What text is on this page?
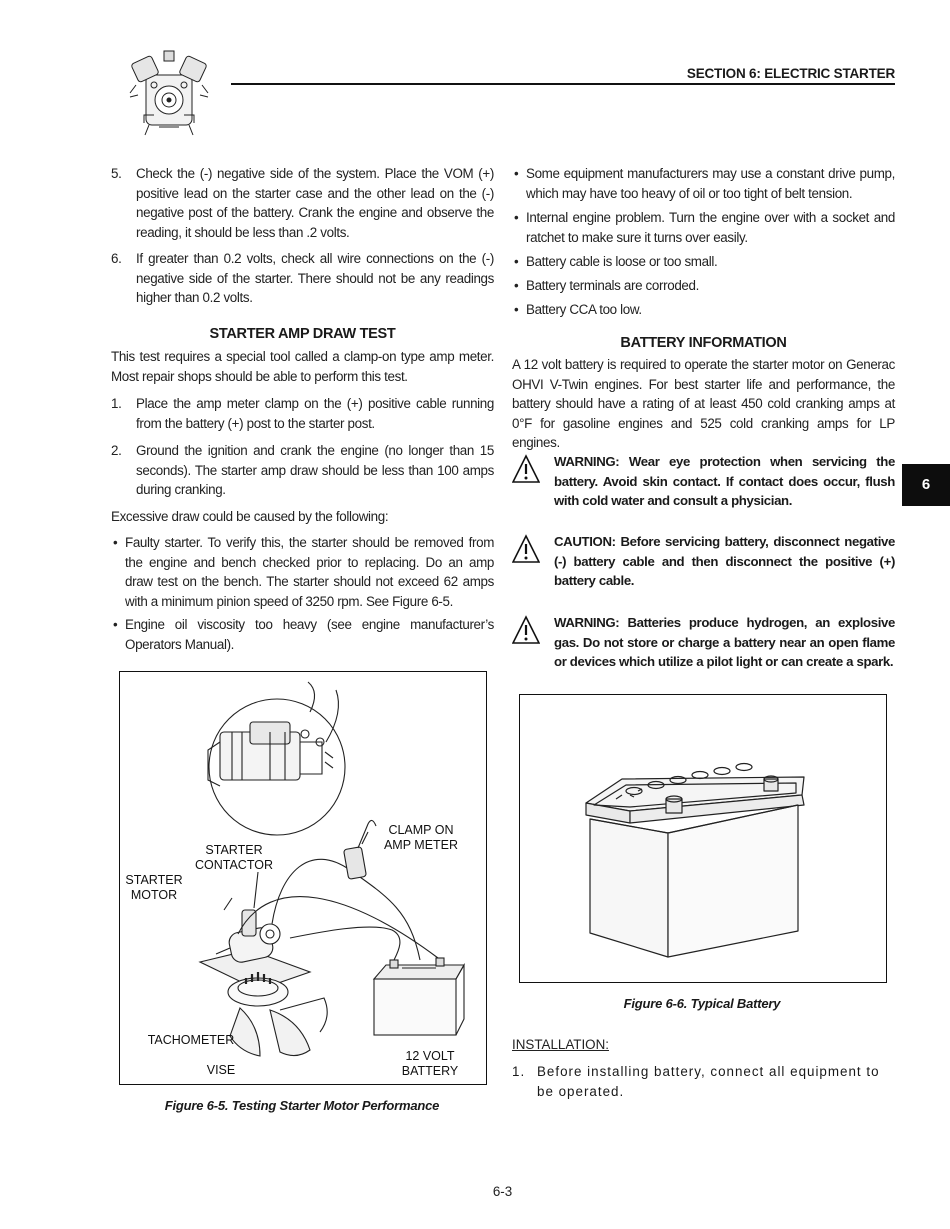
SECTION 6: ELECTRIC STARTER
6
5. Check the (-) negative side of the system. Place the VOM (+) positive lead on the starter case and the other lead on the (-) negative post of the battery. Crank the engine and observe the reading, it should be less than .2 volts.
6. If greater than 0.2 volts, check all wire connections on the (-) negative side of the starter. There should not be any readings higher than 0.2 volts.
STARTER AMP DRAW TEST
This test requires a special tool called a clamp-on type amp meter. Most repair shops should be able to perform this test.
1. Place the amp meter clamp on the (+) positive cable running from the battery (+) post to the starter post.
2. Ground the ignition and crank the engine (no longer than 15 seconds). The starter amp draw should be less than 100 amps during cranking.
Excessive draw could be caused by the following:
• Faulty starter. To verify this, the starter should be removed from the engine and bench checked prior to replacing. Do an amp draw test on the bench. The starter should not exceed 62 amps with a minimum pinion speed of 3250 rpm. See Figure 6-5.
• Engine oil viscosity too heavy (see engine manufacturer’s Operators Manual).
CLAMP ON AMP METER
STARTER CONTACTOR
STARTER MOTOR
TACHOMETER
VISE
12 VOLT BATTERY
Figure 6-5. Testing Starter Motor Performance
• Some equipment manufacturers may use a constant drive pump, which may have too heavy of oil or too tight of belt tension.
• Internal engine problem. Turn the engine over with a socket and ratchet to make sure it turns over easily.
• Battery cable is loose or too small.
• Battery terminals are corroded.
• Battery CCA too low.
BATTERY INFORMATION
A 12 volt battery is required to operate the starter motor on Generac OHVI V-Twin engines. For best starter life and performance, the battery should have a rating of at least 450 cold cranking amps at 0°F for gasoline engines and 525 cold cranking amps for LP engines.
WARNING: Wear eye protection when servicing the battery. Avoid skin contact. If contact does occur, flush with cold water and consult a physician.
CAUTION: Before servicing battery, disconnect negative (-) battery cable and then disconnect the positive (+) battery cable.
WARNING: Batteries produce hydrogen, an explosive gas. Do not store or charge a battery near an open flame or devices which utilize a pilot light or can create a spark.
Figure 6-6. Typical Battery
INSTALLATION:
1. Before installing battery, connect all equipment to be operated.
6-3
